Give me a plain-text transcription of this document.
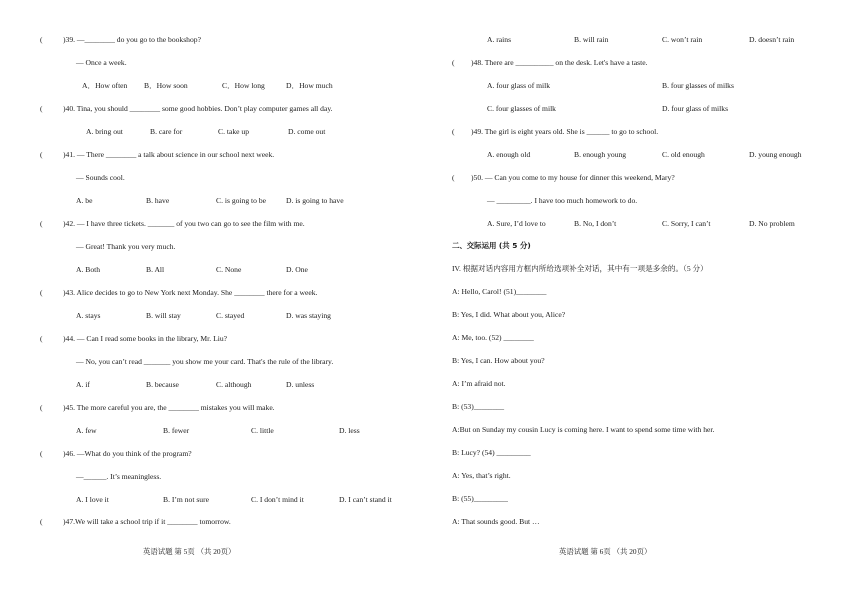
(	)39. —________ do you go to the bookshop?
— Once a week.
A．How often B．How soon	C．How long	D．How much
(	)40. Tina, you should ________ some good hobbies. Don’t play computer games all day.
A. bring out	B. care for	C. take up	D. come out
(	)41. — There ________ a talk about science in our school next week.
— Sounds cool.
A. be	B. have	C. is going to be	D. is going to have
(	)42. — I have three tickets. _______ of you two can go to see the film with me.
— Great! Thank you very much.
A. Both	B. All	C. None	D. One
(	)43. Alice decides to go to New York next Monday. She ________ there for a week.
A. stays	B. will stay	C. stayed	D. was staying
(	)44. — Can I read some books in the library, Mr. Liu?
— No, you can’t read _______ you show me your card. That's the rule of the library.
A. if	B. because	C. although	D. unless
(	)45. The more careful you are, the ________ mistakes you will make.
A. few	B. fewer	C. little	D. less
(	)46. —What do you think of the program?
—______. It’s meaningless.
A. I love it	B. I’m not sure	C. I don’t mind it	D. I can’t stand it
(	)47.We will take a school trip if it ________ tomorrow.
英语试题 第 5页 （共 20页）
A. rains	B. will rain	C. won’t rain	D. doesn’t rain
( )48. There are __________ on the desk. Let's have a taste.
A. four glass of milk	B. four glasses of milks
C. four glasses of milk	D. four glass of milks
( )49. The girl is eight years old. She is ______ to go to school.
A. enough old	B. enough young	C. old enough	D. young enough
( )50. — Can you come to my house for dinner this weekend, Mary?
— _________. I have too much homework to do.
A. Sure, I’d love to	B. No, I don’t	C. Sorry, I can’t	D. No problem
二、交际运用 (共 5 分)
IV. 根据对话内容用方框内所给选项补全对话，其中有一项是多余的。（5 分）
A: Hello, Carol! (51)________
B: Yes, I did. What about you, Alice?
A: Me, too. (52) ________
B: Yes, I can. How about you?
A: I’m afraid not.
B: (53)________
A:But on Sunday my cousin Lucy is coming here. I want to spend some time with her.
B: Lucy? (54) _________
A: Yes, that’s right.
B: (55)_________
A: That sounds good. But …
英语试题 第 6页 （共 20页）
